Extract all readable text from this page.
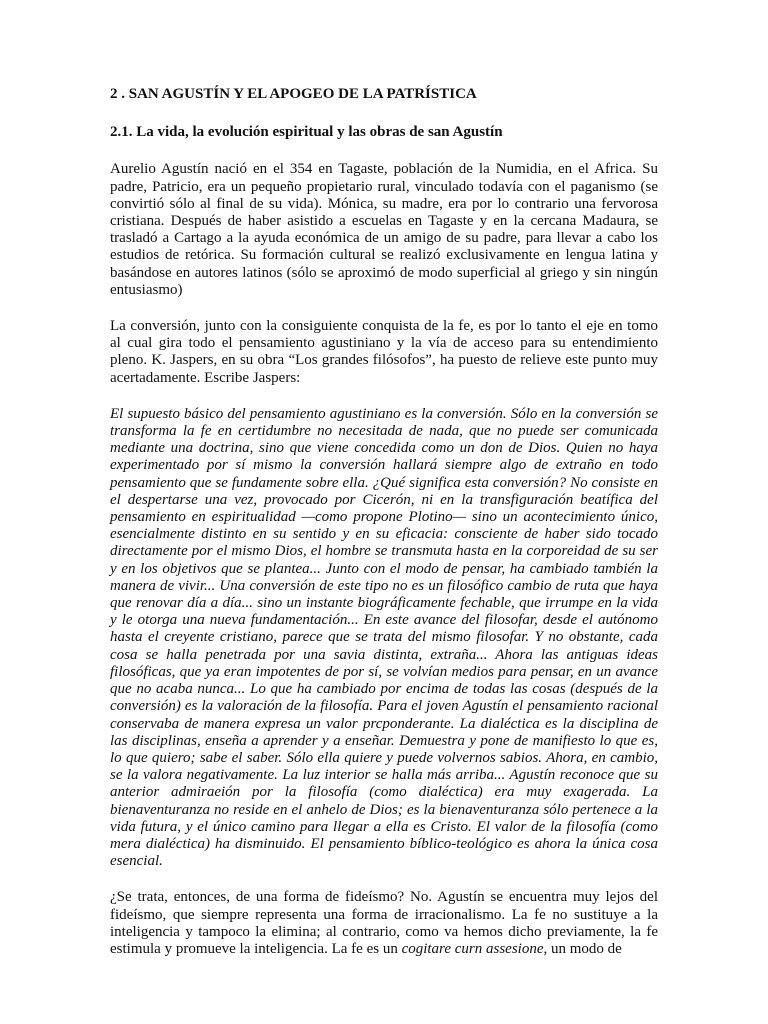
2 . SAN AGUSTÍN Y EL APOGEO DE LA PATRÍSTICA
2.1. La vida, la evolución espiritual y las obras de san Agustín

Aurelio Agustín nació en el 354 en Tagaste, población de la Numidia, en el Africa. Su padre, Patricio, era un pequeño propietario rural, vinculado todavía con el paganismo (se convirtió sólo al final de su vida). Mónica, su madre, era por lo contrario una fervorosa cristiana. Después de haber asistido a escuelas en Tagaste y en la cercana Madaura, se trasladó a Cartago a la ayuda económica de un amigo de su padre, para llevar a cabo los estudios de retórica. Su formación cultural se realizó exclusivamente en lengua latina y basándose en autores latinos (sólo se aproximó de modo superficial al griego y sin ningún entusiasmo)

La conversión, junto con la consiguiente conquista de la fe, es por lo tanto el eje en tomo al cual gira todo el pensamiento agustiniano y la vía de acceso para su entendimiento pleno. K. Jaspers, en su obra “Los grandes filósofos”, ha puesto de relieve este punto muy acertadamente. Escribe Jaspers:

El supuesto básico del pensamiento agustiniano es la conversión. Sólo en la conversión se transforma la fe en certidumbre no necesitada de nada, que no puede ser comunicada mediante una doctrina, sino que viene concedida como un don de Dios. Quien no haya experimentado por sí mismo la conversión hallará siempre algo de extraño en todo pensamiento que se fundamente sobre ella. ¿Qué significa esta conversión? No consiste en el despertarse una vez, provocado por Cicerón, ni en la transfiguración beatífica del pensamiento en espiritualidad —como propone Plotino— sino un acontecimiento único, esencialmente distinto en su sentido y en su eficacia: consciente de haber sido tocado directamente por el mismo Dios, el hombre se transmuta hasta en la corporeidad de su ser y en los objetivos que se plantea... Junto con el modo de pensar, ha cambiado también la manera de vivir... Una conversión de este tipo no es un filosófico cambio de ruta que haya que renovar día a día... sino un instante biográficamente fechable, que irrumpe en la vida y le otorga una nueva fundamentación... En este avance del filosofar, desde el autónomo hasta el creyente cristiano, parece que se trata del mismo filosofar. Y no obstante, cada cosa se halla penetrada por una savia distinta, extraña... Ahora las antiguas ideas filosóficas, que ya eran impotentes de por sí, se volvían medios para pensar, en un avance que no acaba nunca... Lo que ha cambiado por encima de todas las cosas (después de la conversión) es la valoración de la filosofía. Para el joven Agustín el pensamiento racional conservaba de manera expresa un valor prcponderante. La dialéctica es la disciplina de las disciplinas, enseña a aprender y a enseñar. Demuestra y pone de manifiesto lo que es, lo que quiero; sabe el saber. Sólo ella quiere y puede volvernos sabios. Ahora, en cambio, se la valora negativamente. La luz interior se halla más arriba... Agustín reconoce que su anterior admiraeión por la filosofía (como dialéctica) era muy exagerada. La bienaventuranza no reside en el anhelo de Dios; es la bienaventuranza sólo pertenece a la vida futura, y el único camino para llegar a ella es Cristo. El valor de la filosofía (como mera dialéctica) ha disminuido. El pensamiento bíblico-teológico es ahora la única cosa esencial.

¿Se trata, entonces, de una forma de fideísmo? No. Agustín se encuentra muy lejos del fideísmo, que siempre representa una forma de irracionalismo. La fe no sustituye a la inteligencia y tampoco la elimina; al contrario, como va hemos dicho previamente, la fe estimula y promueve la inteligencia. La fe es un cogitare curn assesione, un modo de
